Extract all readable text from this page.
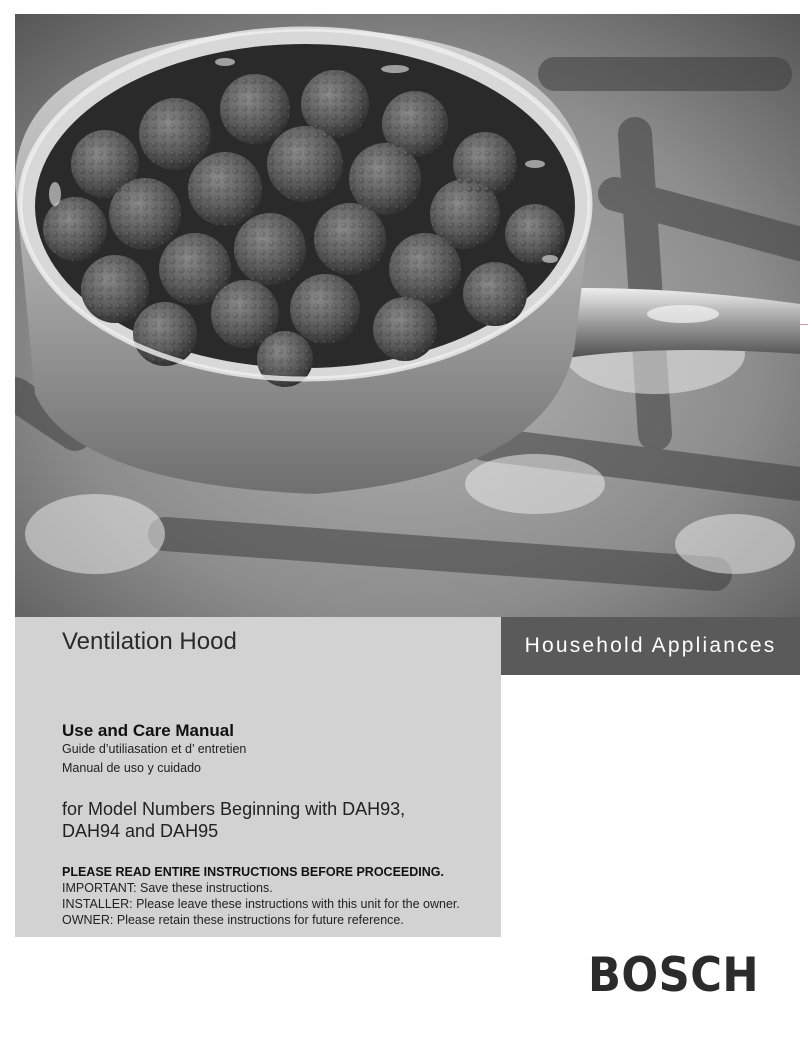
Ventilation Hood	Household Appliances
Use and Care Manual
Guide d’utiliasation et d’ entretien
Manual de uso y cuidado
for Model Numbers Beginning with DAH93,
DAH94 and DAH95
PLEASE READ ENTIRE INSTRUCTIONS BEFORE PROCEEDING.
IMPORTANT: Save these instructions.
INSTALLER: Please leave these instructions with this unit for the owner.
OWNER: Please retain these instructions for future reference.
BOSCH
